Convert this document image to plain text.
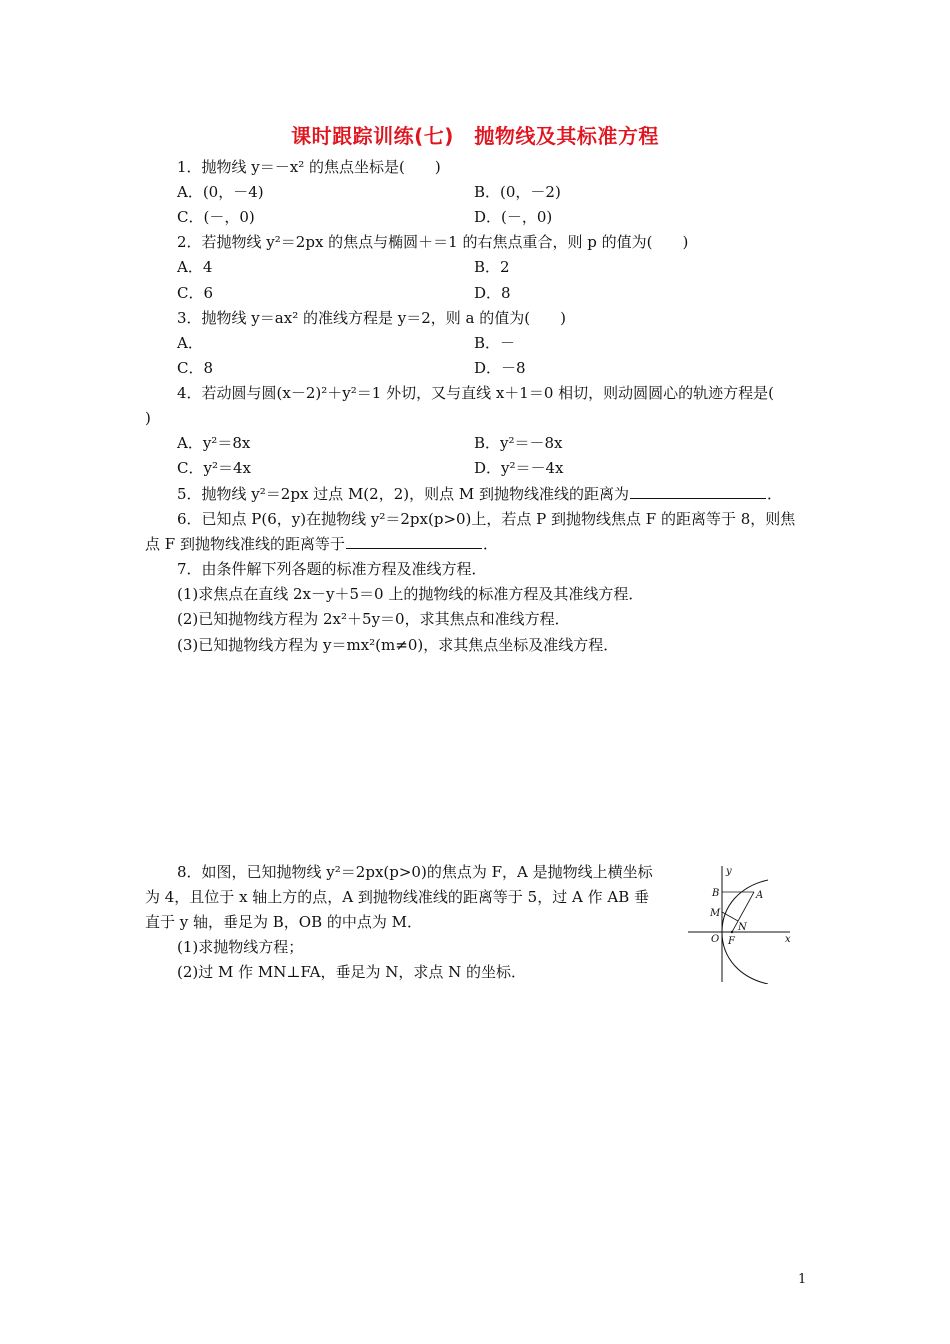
课时跟踪训练(七)　抛物线及其标准方程
1．抛物线 y＝－x² 的焦点坐标是(　　)
A．(0，－4)	B．(0，－2)
C．(－，0)	D．(－，0)
2．若抛物线 y²＝2px 的焦点与椭圆＋＝1 的右焦点重合，则 p 的值为(　　)
A．4	B．2
C．6	D．8
3．抛物线 y＝ax² 的准线方程是 y＝2，则 a 的值为(　　)
A．	B．－
C．8	D．－8
4．若动圆与圆(x－2)²＋y²＝1 外切，又与直线 x＋1＝0 相切，则动圆圆心的轨迹方程是(
)
A．y²＝8x	B．y²＝－8x
C．y²＝4x	D．y²＝－4x
5．抛物线 y²＝2px 过点 M(2，2)，则点 M 到抛物线准线的距离为	．
6．已知点 P(6，y)在抛物线 y²＝2px(p>0)上，若点 P 到抛物线焦点 F 的距离等于 8，则焦
点 F 到抛物线准线的距离等于	．
7．由条件解下列各题的标准方程及准线方程．
(1)求焦点在直线 2x－y＋5＝0 上的抛物线的标准方程及其准线方程．
(2)已知抛物线方程为 2x²＋5y＝0，求其焦点和准线方程．
(3)已知抛物线方程为 y＝mx²(m≠0)，求其焦点坐标及准线方程．
8．如图，已知抛物线 y²＝2px(p>0)的焦点为 F，A 是抛物线上横坐标
为 4，且位于 x 轴上方的点，A 到抛物线准线的距离等于 5，过 A 作 AB 垂
直于 y 轴，垂足为 B，OB 的中点为 M．
(1)求抛物线方程；
(2)过 M 作 MN⊥FA，垂足为 N，求点 N 的坐标．
y
x
B	A
M
N
O F
1
